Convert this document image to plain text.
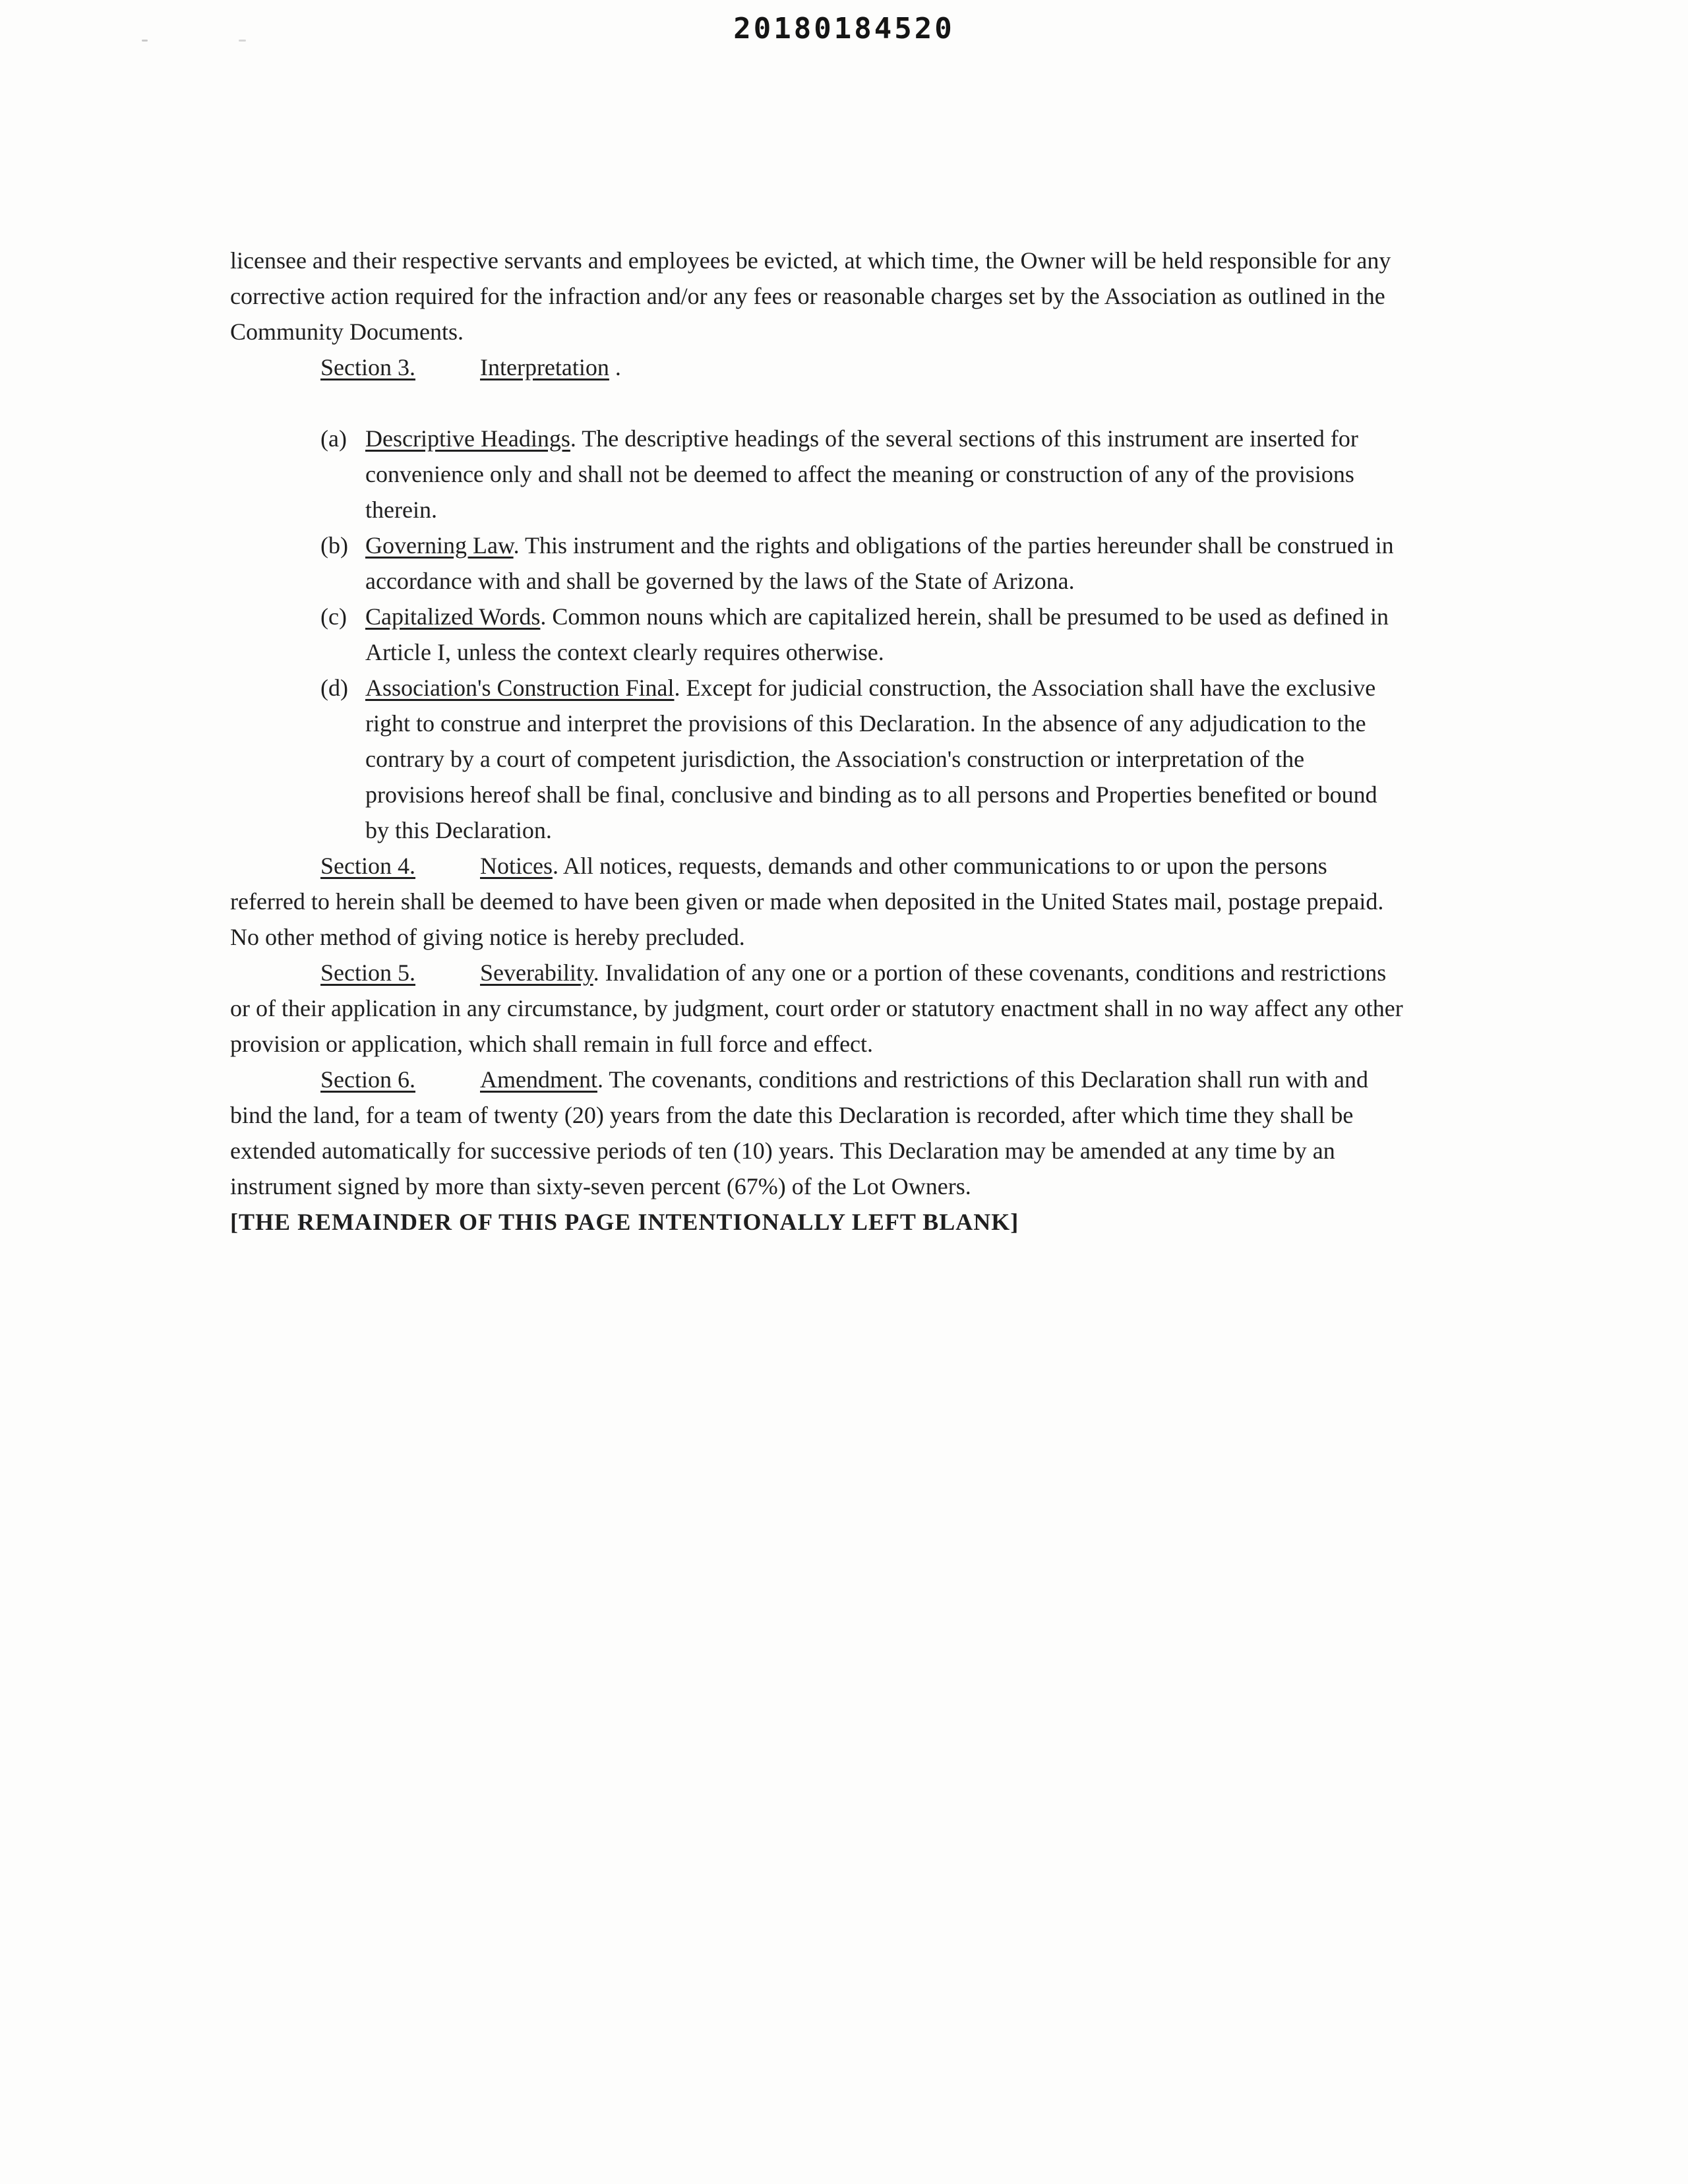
20180184520

licensee and their respective servants and employees be evicted, at which time, the Owner will be held responsible for any corrective action required for the infraction and/or any fees or reasonable charges set by the Association as outlined in the Community Documents.

Section 3.	Interpretation .

(a) Descriptive Headings. The descriptive headings of the several sections of this instrument are inserted for convenience only and shall not be deemed to affect the meaning or construction of any of the provisions therein.
(b) Governing Law. This instrument and the rights and obligations of the parties hereunder shall be construed in accordance with and shall be governed by the laws of the State of Arizona.
(c) Capitalized Words. Common nouns which are capitalized herein, shall be presumed to be used as defined in Article I, unless the context clearly requires otherwise.
(d) Association's Construction Final. Except for judicial construction, the Association shall have the exclusive right to construe and interpret the provisions of this Declaration. In the absence of any adjudication to the contrary by a court of competent jurisdiction, the Association's construction or interpretation of the provisions hereof shall be final, conclusive and binding as to all persons and Properties benefited or bound by this Declaration.

Section 4.	Notices. All notices, requests, demands and other communications to or upon the persons referred to herein shall be deemed to have been given or made when deposited in the United States mail, postage prepaid. No other method of giving notice is hereby precluded.

Section 5.	Severability. Invalidation of any one or a portion of these covenants, conditions and restrictions or of their application in any circumstance, by judgment, court order or statutory enactment shall in no way affect any other provision or application, which shall remain in full force and effect.

Section 6.	Amendment. The covenants, conditions and restrictions of this Declaration shall run with and bind the land, for a team of twenty (20) years from the date this Declaration is recorded, after which time they shall be extended automatically for successive periods of ten (10) years. This Declaration may be amended at any time by an instrument signed by more than sixty-seven percent (67%) of the Lot Owners.

[THE REMAINDER OF THIS PAGE INTENTIONALLY LEFT BLANK]
